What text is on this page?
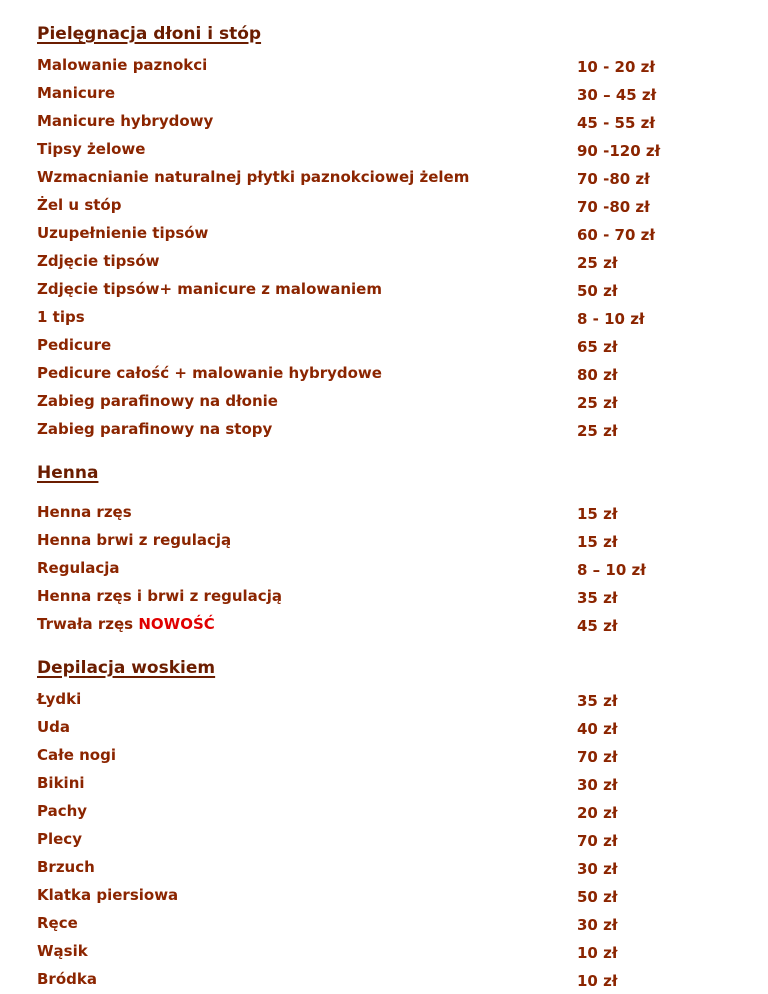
Pielęgnacja dłoni i stóp
Malowanie paznokci	10 - 20 zł
Manicure	30 – 45 zł
Manicure hybrydowy	45 - 55 zł
Tipsy żelowe	90 -120 zł
Wzmacnianie naturalnej płytki paznokciowej żelem	70 -80 zł
Żel u stóp	70 -80 zł
Uzupełnienie tipsów	60 - 70 zł
Zdjęcie tipsów	25 zł
Zdjęcie tipsów+ manicure z malowaniem	50 zł
1 tips	8 - 10 zł
Pedicure	65 zł
Pedicure całość + malowanie hybrydowe	80 zł
Zabieg parafinowy na dłonie	25 zł
Zabieg parafinowy na stopy	25 zł
Henna
Henna rzęs	15 zł
Henna brwi z regulacją	15 zł
Regulacja	8 – 10 zł
Henna rzęs i brwi z regulacją	35 zł
Trwała rzęs NOWOŚĆ	45 zł
Depilacja woskiem
Łydki	35 zł
Uda	40 zł
Całe nogi	70 zł
Bikini	30 zł
Pachy	20 zł
Plecy	70 zł
Brzuch	30 zł
Klatka piersiowa	50 zł
Ręce	30 zł
Wąsik	10 zł
Bródka	10 zł
